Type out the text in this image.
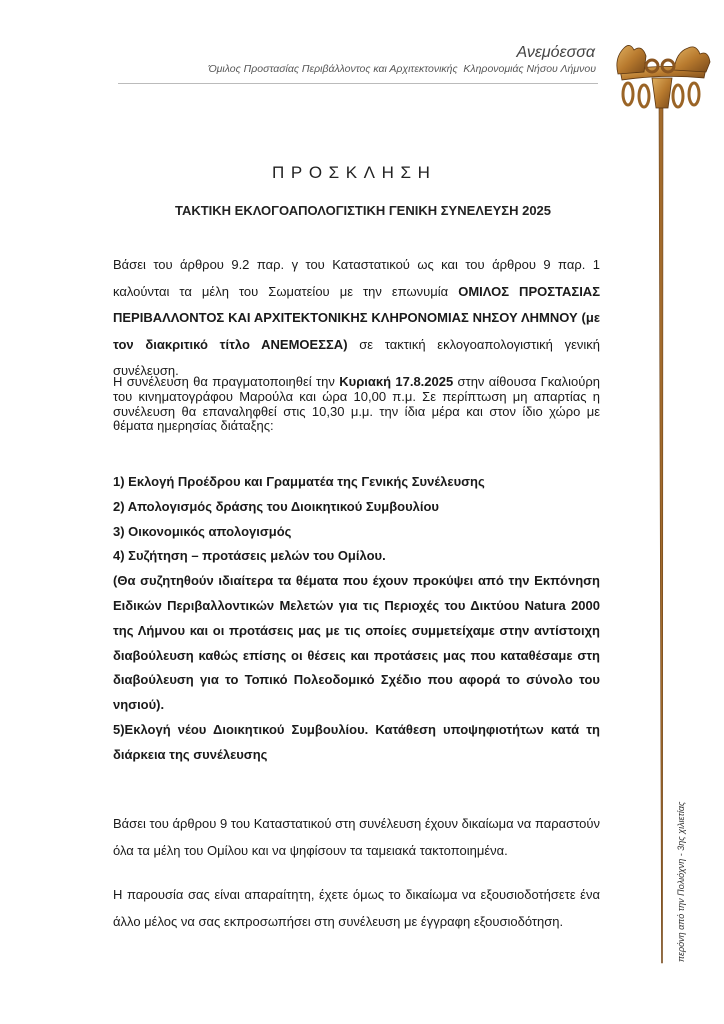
Ανεμόεσσα
Όμιλος Προστασίας Περιβάλλοντος και Αρχιτεκτονικής  Κληρονομιάς Νήσου Λήμνου
περόνη από την Πολιόχνη - 3ης χιλιετίας
ΠΡΟΣΚΛΗΣΗ
ΤΑΚΤΙΚΗ ΕΚΛΟΓΟΑΠΟΛΟΓΙΣΤΙΚΗ ΓΕΝΙΚΗ ΣΥΝΕΛΕΥΣΗ 2025
Βάσει του άρθρου 9.2 παρ. γ του Καταστατικού ως και του άρθρου 9 παρ. 1 καλούνται τα μέλη του Σωματείου με την επωνυμία ΟΜΙΛΟΣ ΠΡΟΣΤΑΣΙΑΣ ΠΕΡΙΒΑΛΛΟΝΤΟΣ ΚΑΙ ΑΡΧΙΤΕΚΤΟΝΙΚΗΣ ΚΛΗΡΟΝΟΜΙΑΣ ΝΗΣΟΥ ΛΗΜΝΟΥ (με τον διακριτικό τίτλο ΑΝΕΜΟΕΣΣΑ) σε τακτική εκλογοαπολογιστική γενική συνέλευση.
Η συνέλευση θα πραγματοποιηθεί την Κυριακή 17.8.2025 στην αίθουσα Γκαλιούρη του κινηματογράφου Μαρούλα και ώρα 10,00 π.μ. Σε περίπτωση μη απαρτίας η συνέλευση θα επαναληφθεί στις 10,30 μ.μ. την ίδια μέρα και στον ίδιο χώρο με θέματα ημερησίας διάταξης:
1) Εκλογή Προέδρου και Γραμματέα της Γενικής Συνέλευσης
2) Απολογισμός δράσης του Διοικητικού Συμβουλίου
3) Οικονομικός απολογισμός
4) Συζήτηση – προτάσεις μελών του Ομίλου.
(Θα συζητηθούν ιδιαίτερα τα θέματα που έχουν προκύψει από την Εκπόνηση Ειδικών Περιβαλλοντικών Μελετών για τις Περιοχές του Δικτύου Natura 2000 της Λήμνου και οι προτάσεις μας με τις οποίες συμμετείχαμε στην αντίστοιχη διαβούλευση καθώς επίσης οι θέσεις και προτάσεις μας που καταθέσαμε στη διαβούλευση για το Τοπικό Πολεοδομικό Σχέδιο που αφορά το σύνολο του νησιού).
5)Εκλογή νέου Διοικητικού Συμβουλίου. Κατάθεση υποψηφιοτήτων κατά τη διάρκεια της συνέλευσης
Βάσει του άρθρου 9 του Καταστατικού στη συνέλευση έχουν δικαίωμα να παραστούν όλα τα μέλη του Ομίλου και να ψηφίσουν τα ταμειακά τακτοποιημένα.
Η παρουσία σας είναι απαραίτητη, έχετε όμως το δικαίωμα να εξουσιοδοτήσετε ένα άλλο μέλος να σας εκπροσωπήσει στη συνέλευση με έγγραφη εξουσιοδότηση.
